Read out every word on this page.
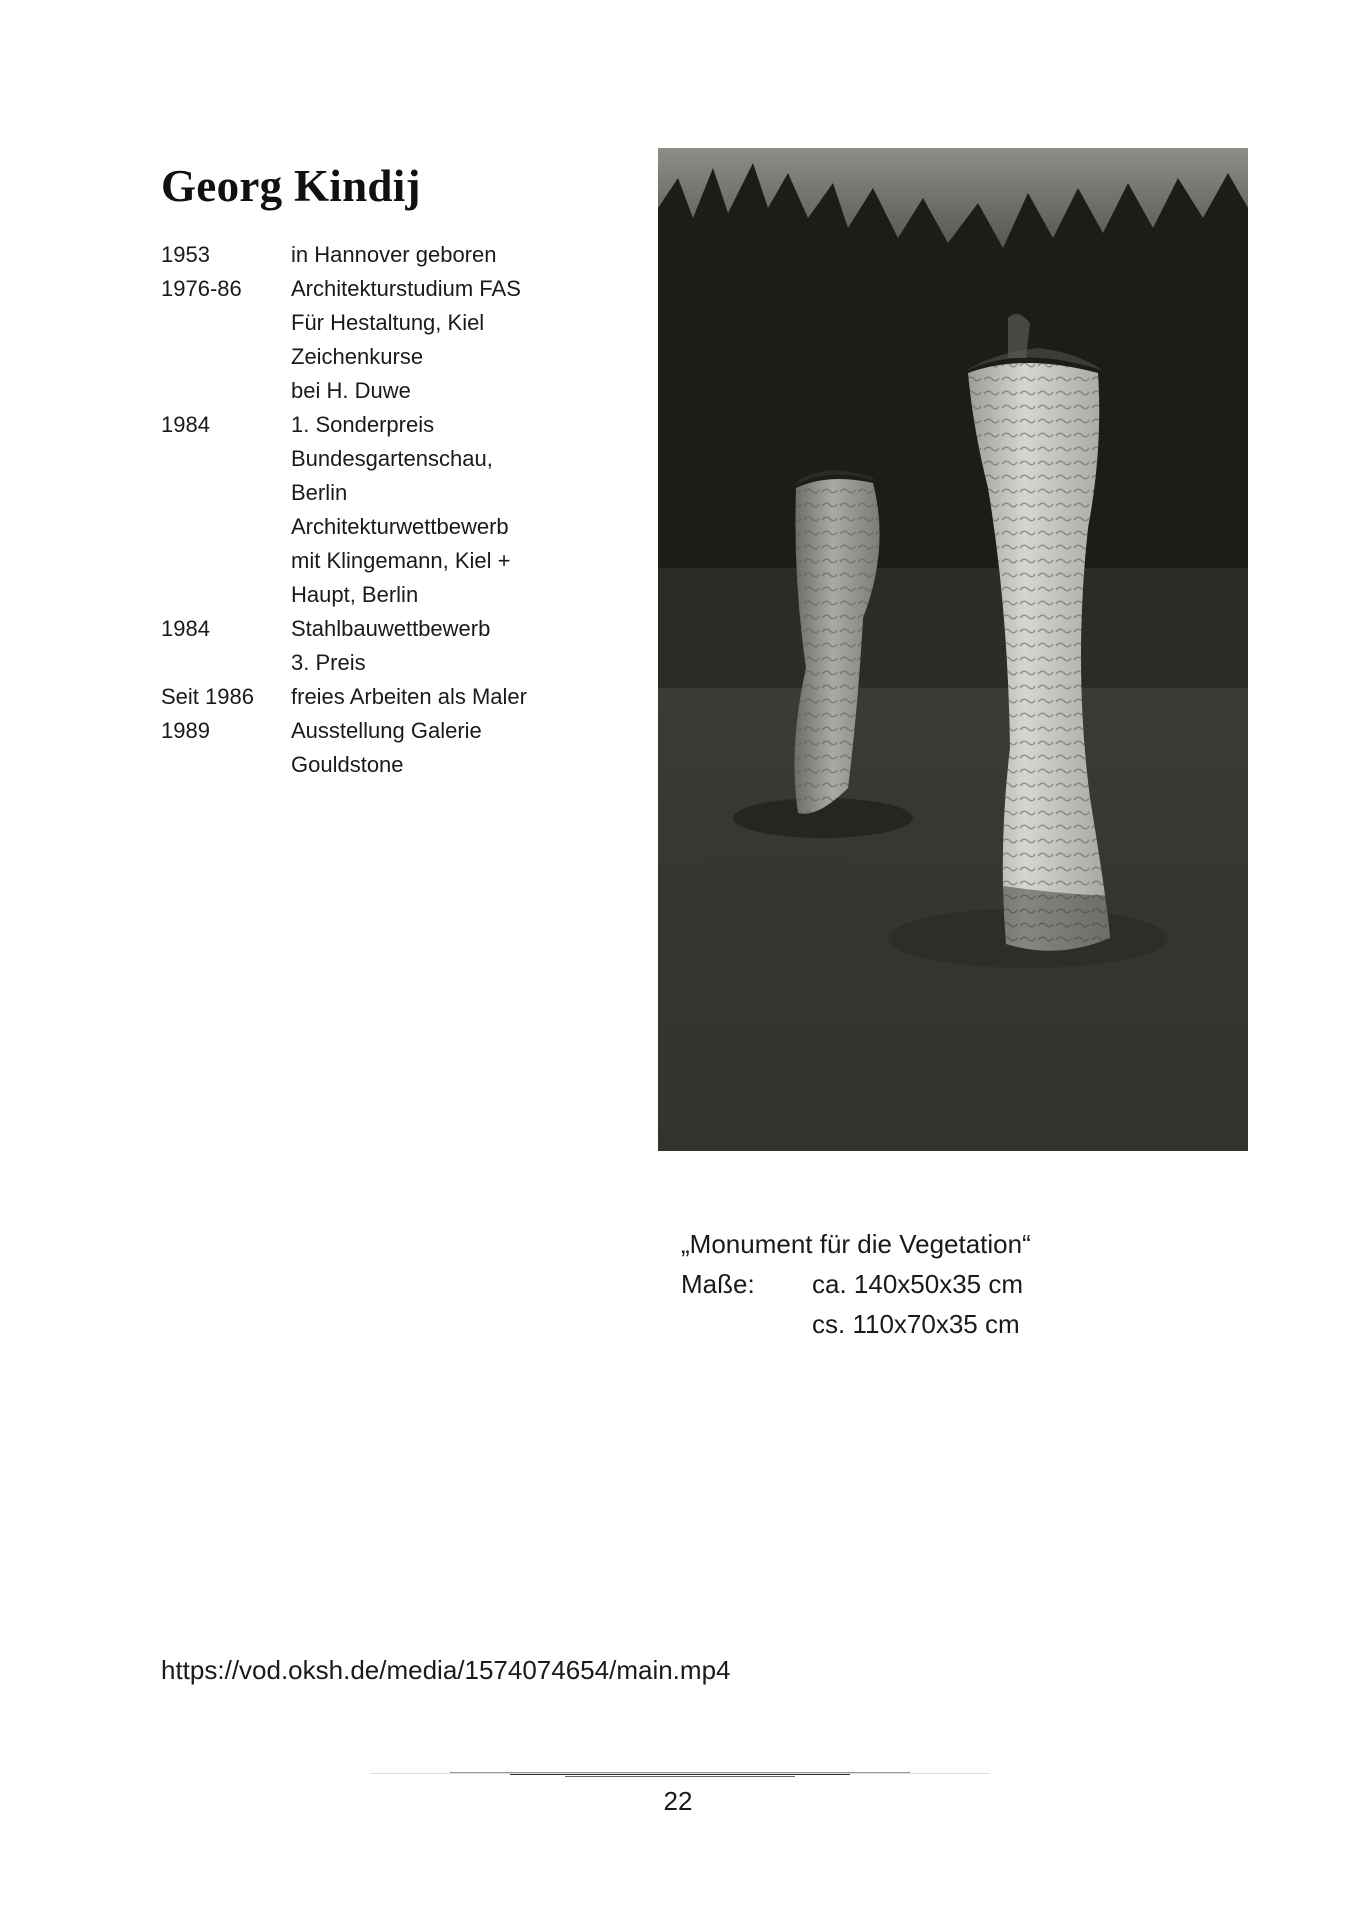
Georg Kindij
1953	in Hannover geboren
1976-86	Architekturstudium FAS
Für Hestaltung, Kiel
Zeichenkurse
bei H. Duwe
1984	1. Sonderpreis
Bundesgartenschau,
Berlin
Architekturwettbewerb
mit Klingemann, Kiel +
Haupt, Berlin
1984	Stahlbauwettbewerb
3. Preis
Seit 1986	freies Arbeiten als Maler
1989	Ausstellung Galerie
Gouldstone
„Monument für die Vegetation“
Maße:	ca. 140x50x35 cm
cs. 110x70x35 cm
https://vod.oksh.de/media/1574074654/main.mp4
22
